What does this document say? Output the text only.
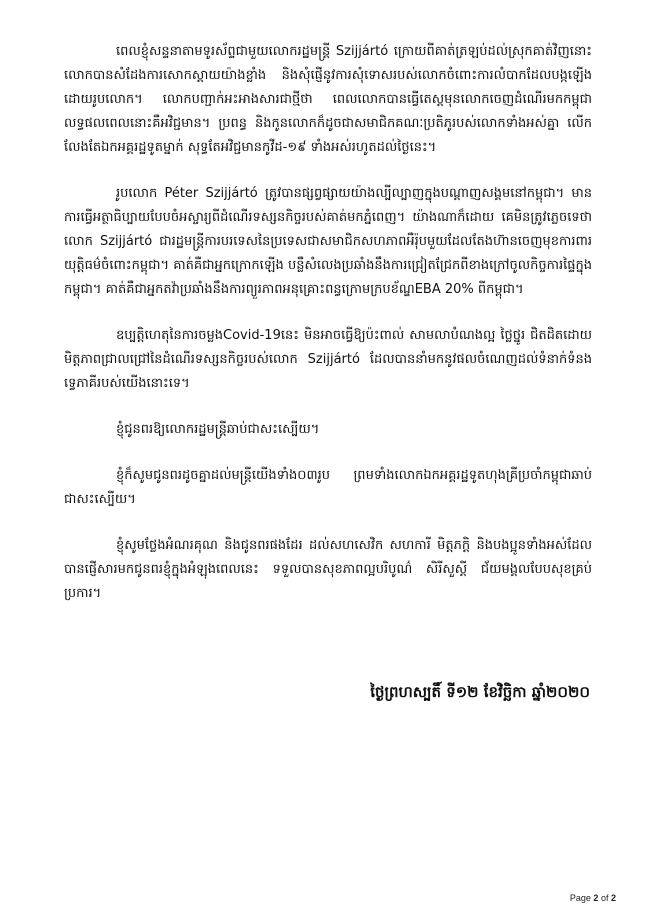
ពេលខ្ញុំសន្ទនាតាមទូរស័ព្ទជាមួយលោករដ្ឋមន្ត្រី Szijjártó ក្រោយពីគាត់ត្រឡប់ដល់ស្រុកគាត់វិញនោះ លោកបានសំដែងការសោកស្តាយយ៉ាងខ្លាំង និងសុំផ្ញើនូវការសុំទោសរបស់លោកចំពោះការលំបាកដែលបង្កឡើងដោយរូបលោក។ លោកបញ្ជាក់អះអាងសារជាថ្មីថា ពេលលោកបានធ្វើតេស្តមុនលោកចេញដំណើរមកកម្ពុជា លទ្ធផលពេលនោះគឺអវិជ្ជមាន។ ប្រពន្ធ និងកូនលោកក៏ដូចជាសមាជិកគណៈប្រតិភូរបស់លោកទាំងអស់គ្នា លើកលែងតែឯកអគ្គរដ្ឋទូតម្នាក់ សុទ្ធតែអវិជ្ជមានកូវីដ-១៩ ទាំងអស់រហូតដល់ថ្ងៃនេះ។

រូបលោក Péter Szijjártó ត្រូវបានផ្សព្វផ្សាយយ៉ាងល្បីល្បាញក្នុងបណ្តាញសង្គមនៅកម្ពុជា។ មានការធ្វើអត្ថាធិប្បាយបែបចំអស្ចារ្យពីដំណើរទស្សនកិច្ចរបស់គាត់មកភ្នំពេញ។ យ៉ាងណាក៏ដោយ គេមិនត្រូវភ្លេចទេថា លោក Szijjártó ជារដ្ឋមន្ត្រីការបរទេសនៃប្រទេសជាសមាជិកសហភាពអឺរ៉ុបមួយដែលតែងហ៊ានចេញមុខការពារយុត្តិធម៌ចំពោះកម្ពុជា។ គាត់គឺជាអ្នកក្រោកឡើង បន្លឺសំលេងប្រឆាំងនឹងការជ្រៀតជ្រែកពីខាងក្រៅចូលកិច្ចការផ្ទៃក្នុងកម្ពុជា។ គាត់គឺជាអ្នកតវ៉ាប្រឆាំងនឹងការព្យួរភាពអនុគ្រោះពន្ធក្រោមក្របខ័ណ្ឌEBA 20% ពីកម្ពុជា។

ឧប្បត្តិហេតុនៃការចម្លងCovid-19នេះ មិនអាចធ្វើឱ្យប៉ះពាល់ សាមលាបំណងល្អ ថ្លៃថ្នូរ ជិតដិតដោយមិត្តភាពជ្រាលជ្រៅនៃដំណើរទស្សនកិច្ចរបស់លោក Szijjártó ដែលបាននាំមកនូវផលចំណេញដល់ទំនាក់ទំនងទ្វេភាគីរបស់យើងនោះទេ។

ខ្ញុំជូនពរឱ្យលោករដ្ឋមន្ត្រីឆាប់ជាសះស្បើយ។

ខ្ញុំក៏សូមជូនពរដូចគ្នាដល់មន្ត្រីយើងទាំង០៣រូប ព្រមទាំងលោកឯកអគ្គរដ្ឋទូតហុងគ្រីប្រចាំកម្ពុជាឆាប់ជាសះស្បើយ។

ខ្ញុំសូមថ្លែងអំណរគុណ និងជូនពរផងដែរ ដល់សហសេវិក សហការី មិត្តភក្តិ និងបងប្អូនទាំងអស់ដែលបានផ្ញើសារមកជូនពរខ្ញុំក្នុងអំឡុងពេលនេះ ទទួលបានសុខភាពល្អបរិបូណ៌ សិរីសួស្តី ជ័យមង្គលបែបសុខគ្រប់ប្រការ។

ថ្ងៃព្រហស្បតិ៍ ទី១២ ខែវិច្ឆិកា ឆ្នាំ២០២០
Page 2 of 2
